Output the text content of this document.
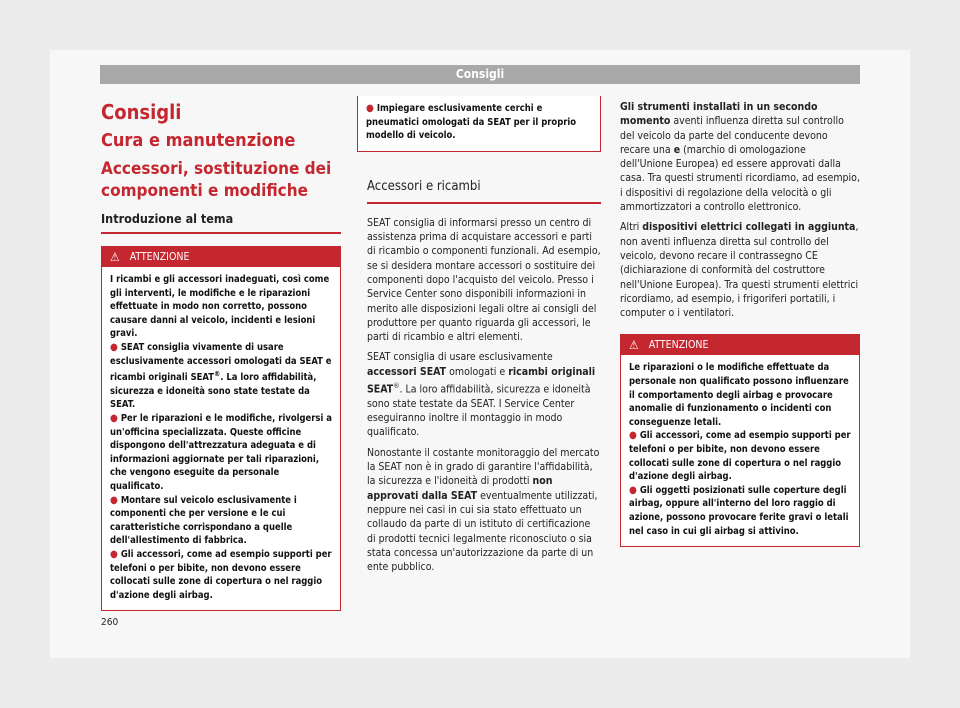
Consigli
Consigli
Cura e manutenzione
Accessori, sostituzione dei componenti e modifiche
Introduzione al tema
⚠ ATTENZIONE

I ricambi e gli accessori inadeguati, così come gli interventi, le modifiche e le riparazioni effettuate in modo non corretto, possono causare danni al veicolo, incidenti e lesioni gravi.

● SEAT consiglia vivamente di usare esclusivamente accessori omologati da SEAT e ricambi originali SEAT®. La loro affidabilità, sicurezza e idoneità sono state testate da SEAT.

● Per le riparazioni e le modifiche, rivolgersi a un'officina specializzata. Queste officine dispongono dell'attrezzatura adeguata e di informazioni aggiornate per tali riparazioni, che vengono eseguite da personale qualificato.

● Montare sul veicolo esclusivamente i componenti che per versione e le cui caratteristiche corrispondano a quelle dell'allestimento di fabbrica.

● Gli accessori, come ad esempio supporti per telefoni o per bibite, non devono essere collocati sulle zone di copertura o nel raggio d'azione degli airbag.

● Impiegare esclusivamente cerchi e pneumatici omologati da SEAT per il proprio modello di veicolo.

Accessori e ricambi

SEAT consiglia di informarsi presso un centro di assistenza prima di acquistare accessori e parti di ricambio o componenti funzionali. Ad esempio, se si desidera montare accessori o sostituire dei componenti dopo l'acquisto del veicolo. Presso i Service Center sono disponibili informazioni in merito alle disposizioni legali oltre ai consigli del produttore per quanto riguarda gli accessori, le parti di ricambio e altri elementi.

SEAT consiglia di usare esclusivamente accessori SEAT omologati e ricambi originali SEAT®. La loro affidabilità, sicurezza e idoneità sono state testate da SEAT. I Service Center eseguiranno inoltre il montaggio in modo qualificato.

Nonostante il costante monitoraggio del mercato la SEAT non è in grado di garantire l'affidabilità, la sicurezza e l'idoneità di prodotti non approvati dalla SEAT eventualmente utilizzati, neppure nei casi in cui sia stato effettuato un collaudo da parte di un istituto di certificazione di prodotti tecnici legalmente riconosciuto o sia stata concessa un'autorizzazione da parte di un ente pubblico.

Gli strumenti installati in un secondo momento aventi influenza diretta sul controllo del veicolo da parte del conducente devono recare una e (marchio di omologazione dell'Unione Europea) ed essere approvati dalla casa. Tra questi strumenti ricordiamo, ad esempio, i dispositivi di regolazione della velocità o gli ammortizzatori a controllo elettronico.

Altri dispositivi elettrici collegati in aggiunta, non aventi influenza diretta sul controllo del veicolo, devono recare il contrassegno CE (dichiarazione di conformità del costruttore nell'Unione Europea). Tra questi strumenti elettrici ricordiamo, ad esempio, i frigoriferi portatili, i computer o i ventilatori.

⚠ ATTENZIONE

Le riparazioni o le modifiche effettuate da personale non qualificato possono influenzare il comportamento degli airbag e provocare anomalie di funzionamento o incidenti con conseguenze letali.

● Gli accessori, come ad esempio supporti per telefoni o per bibite, non devono essere collocati sulle zone di copertura o nel raggio d'azione degli airbag.

● Gli oggetti posizionati sulle coperture degli airbag, oppure all'interno del loro raggio di azione, possono provocare ferite gravi o letali nel caso in cui gli airbag si attivino.

260
